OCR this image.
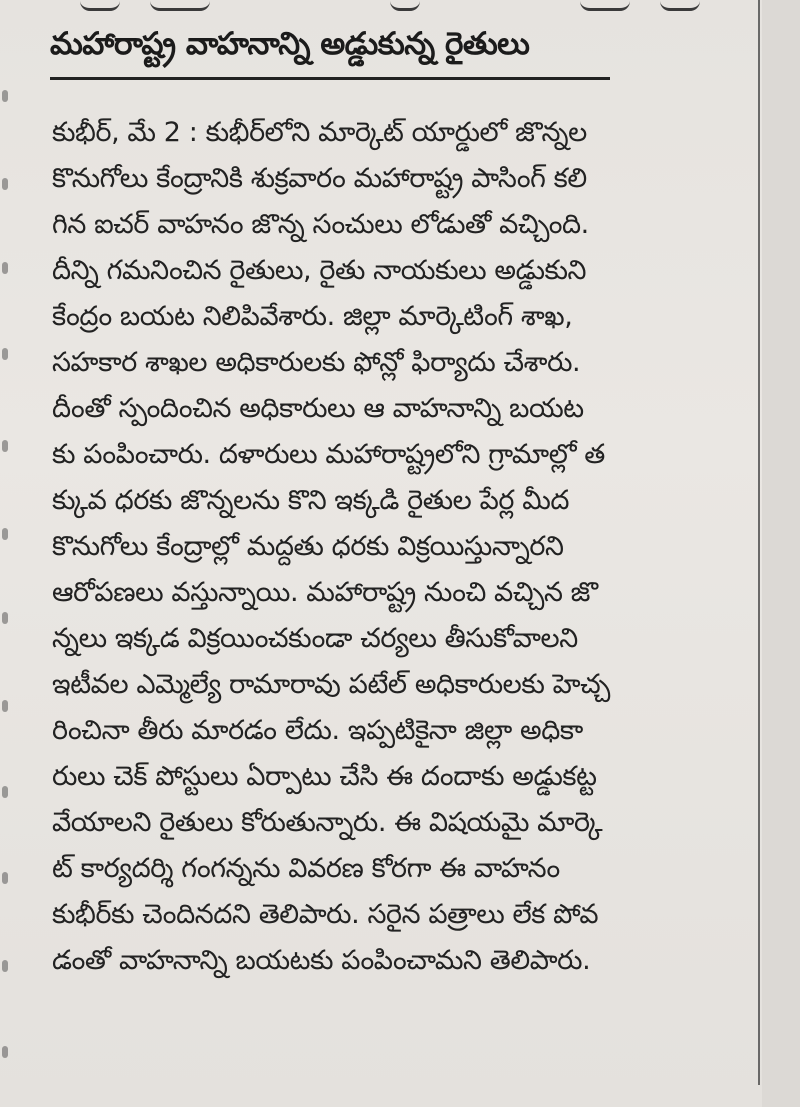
మహారాష్ట్ర వాహనాన్ని అడ్డుకున్న రైతులు
కుభీర్, మే 2 : కుభీర్‌లోని మార్కెట్ యార్డులో జొన్నల
కొనుగోలు కేంద్రానికి శుక్రవారం మహారాష్ట్ర పాసింగ్ కలి
గిన ఐచర్ వాహనం జొన్న సంచులు లోడుతో వచ్చింది.
దీన్ని గమనించిన రైతులు, రైతు నాయకులు అడ్డుకుని
కేంద్రం బయట నిలిపివేశారు. జిల్లా మార్కెటింగ్ శాఖ,
సహకార శాఖల అధికారులకు ఫోన్లో ఫిర్యాదు చేశారు.
దీంతో స్పందించిన అధికారులు ఆ వాహనాన్ని బయట
కు పంపించారు. దళారులు మహారాష్ట్రలోని గ్రామాల్లో త
క్కువ ధరకు జొన్నలను కొని ఇక్కడి రైతుల పేర్ల మీద
కొనుగోలు కేంద్రాల్లో మద్దతు ధరకు విక్రయిస్తున్నారని
ఆరోపణలు వస్తున్నాయి. మహారాష్ట్ర నుంచి వచ్చిన జొ
న్నలు ఇక్కడ విక్రయించకుండా చర్యలు తీసుకోవాలని
ఇటీవల ఎమ్మెల్యే రామారావు పటేల్ అధికారులకు హెచ్చ
రించినా తీరు మారడం లేదు. ఇప్పటికైనా జిల్లా అధికా
రులు చెక్ పోస్టులు ఏర్పాటు చేసి ఈ దందాకు అడ్డుకట్ట
వేయాలని రైతులు కోరుతున్నారు. ఈ విషయమై మార్కె
ట్ కార్యదర్శి గంగన్నను వివరణ కోరగా ఈ వాహనం
కుభీర్‌కు చెందినదని తెలిపారు. సరైన పత్రాలు లేక పోవ
డంతో వాహనాన్ని బయటకు పంపించామని తెలిపారు.
